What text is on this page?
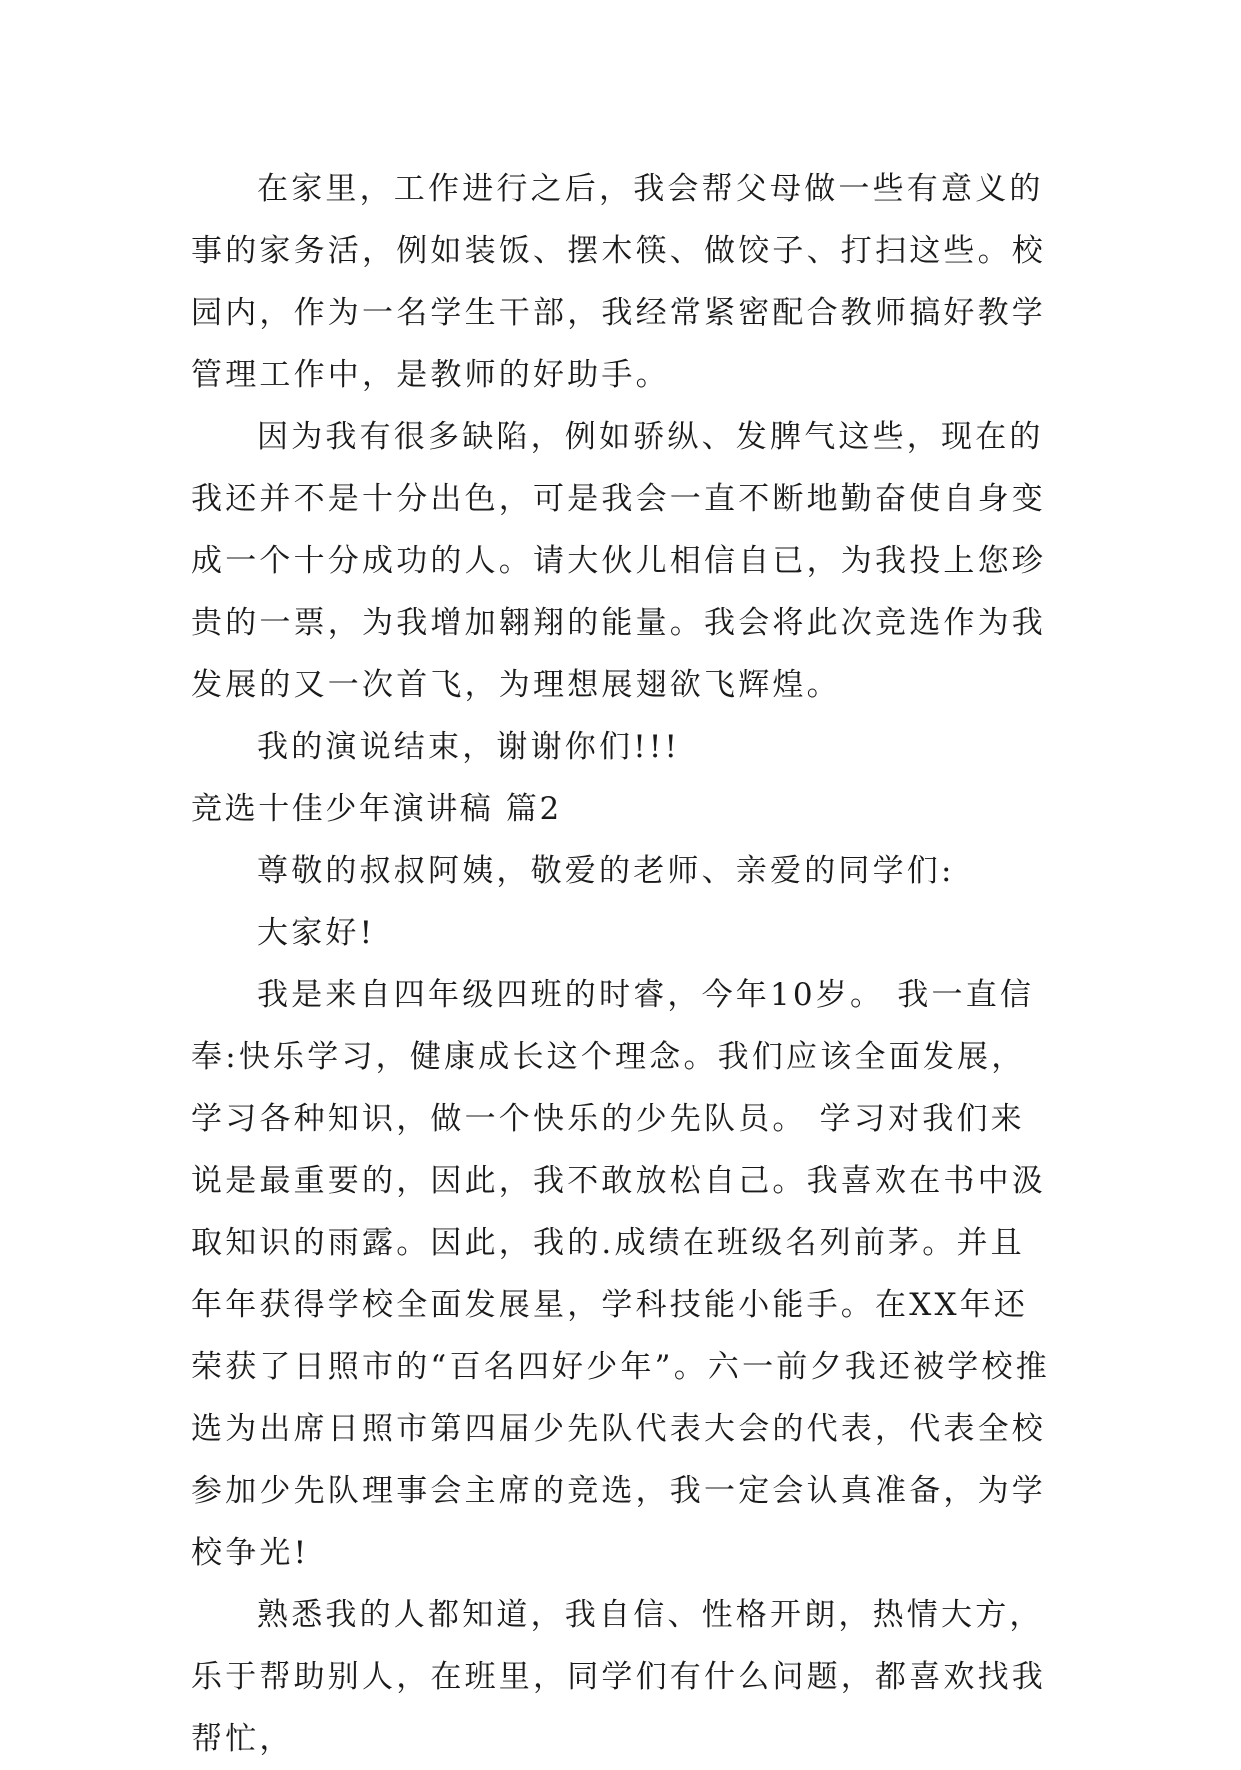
在家里，工作进行之后，我会帮父母做一些有意义的事的家务活，例如装饭、摆木筷、做饺子、打扫这些。校园内，作为一名学生干部，我经常紧密配合教师搞好教学管理工作中，是教师的好助手。

因为我有很多缺陷，例如骄纵、发脾气这些，现在的我还并不是十分出色，可是我会一直不断地勤奋使自身变成一个十分成功的人。请大伙儿相信自已，为我投上您珍贵的一票，为我增加翱翔的能量。我会将此次竞选作为我发展的又一次首飞，为理想展翅欲飞辉煌。

我的演说结束，谢谢你们!!!

竞选十佳少年演讲稿 篇2

尊敬的叔叔阿姨，敬爱的老师、亲爱的同学们:

大家好!

我是来自四年级四班的时睿，今年10岁。 我一直信奉:快乐学习，健康成长这个理念。我们应该全面发展，学习各种知识，做一个快乐的少先队员。 学习对我们来说是最重要的，因此，我不敢放松自己。我喜欢在书中汲取知识的雨露。因此，我的.成绩在班级名列前茅。并且年年获得学校全面发展星，学科技能小能手。在XX年还荣获了日照市的“百名四好少年”。六一前夕我还被学校推选为出席日照市第四届少先队代表大会的代表，代表全校参加少先队理事会主席的竞选，我一定会认真准备，为学校争光!

熟悉我的人都知道，我自信、性格开朗，热情大方，乐于帮助别人，在班里，同学们有什么问题，都喜欢找我帮忙，
